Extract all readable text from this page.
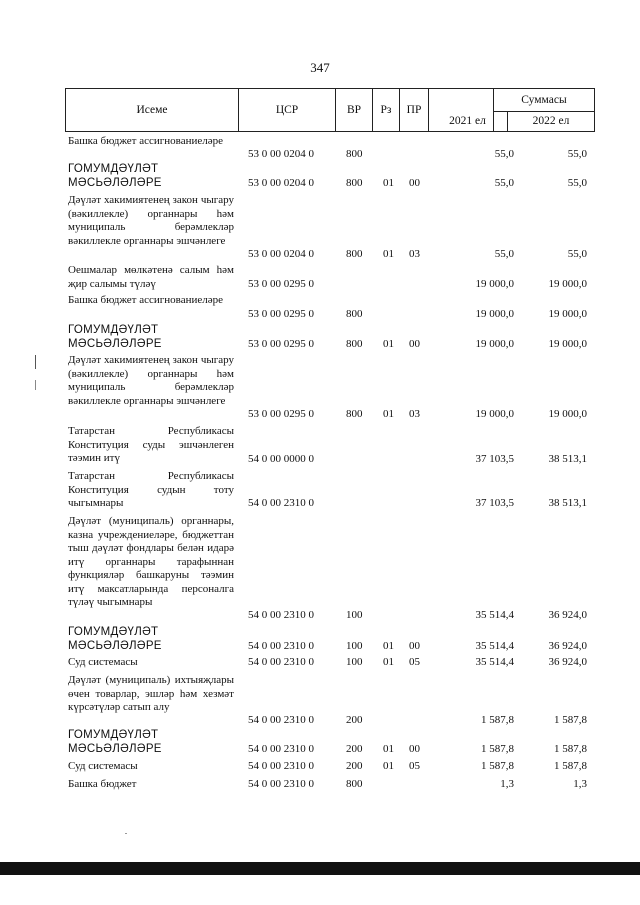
347
Исеме	ЦСР	ВР	Рз	ПР
Суммасы
2021 ел	2022 ел
Башка бюджет ассигнованиеләре
53 0 00 0204 0	800	55,0	55,0
ГОМУМДӘҮЛӘТ МӘСЬӘЛӘЛӘРЕ	53 0 00 0204 0	800 01 00	55,0	55,0
Дәүләт хакимиятенең закон чыгару (вәкиллекле) органнары һәм муниципаль берәмлекләр вәкиллекле органнары эшчәнлеге
53 0 00 0204 0	800 01 03	55,0	55,0
Оешмалар мөлкәтенә салым һәм җир салымы түләү	53 0 00 0295 0	19 000,0	19 000,0
Башка бюджет ассигнованиеләре
53 0 00 0295 0	800	19 000,0	19 000,0
ГОМУМДӘҮЛӘТ МӘСЬӘЛӘЛӘРЕ	53 0 00 0295 0	800 01 00	19 000,0	19 000,0
Дәүләт хакимиятенең закон чыгару (вәкиллекле) органнары һәм муниципаль берәмлекләр вәкиллекле органнары эшчәнлеге
53 0 00 0295 0	800 01 03	19 000,0	19 000,0
Татарстан Республикасы Конституция суды эшчәнлеген тәэмин итү	54 0 00 0000 0	37 103,5	38 513,1
Татарстан Республикасы Конституция судын тоту чыгымнары	54 0 00 2310 0	37 103,5	38 513,1
Дәүләт (муниципаль) органнары, казна учреждениеләре, бюджеттан тыш дәүләт фондлары белән идарә итү органнары тарафыннан функцияләр башкаруны тәэмин итү максатларында персоналга түләү чыгымнары
54 0 00 2310 0	100	35 514,4	36 924,0
ГОМУМДӘҮЛӘТ МӘСЬӘЛӘЛӘРЕ	54 0 00 2310 0	100 01 00	35 514,4	36 924,0
Суд системасы	54 0 00 2310 0	100 01 05	35 514,4	36 924,0
Дәүләт (муниципаль) ихтыяҗлары өчен товарлар, эшләр һәм хезмәт күрсәтүләр сатып алу
54 0 00 2310 0	200	1 587,8	1 587,8
ГОМУМДӘҮЛӘТ МӘСЬӘЛӘЛӘРЕ	54 0 00 2310 0	200 01 00	1 587,8	1 587,8
Суд системасы	54 0 00 2310 0	200 01 05	1 587,8	1 587,8
Башка бюджет	54 0 00 2310 0	800	1,3	1,3
